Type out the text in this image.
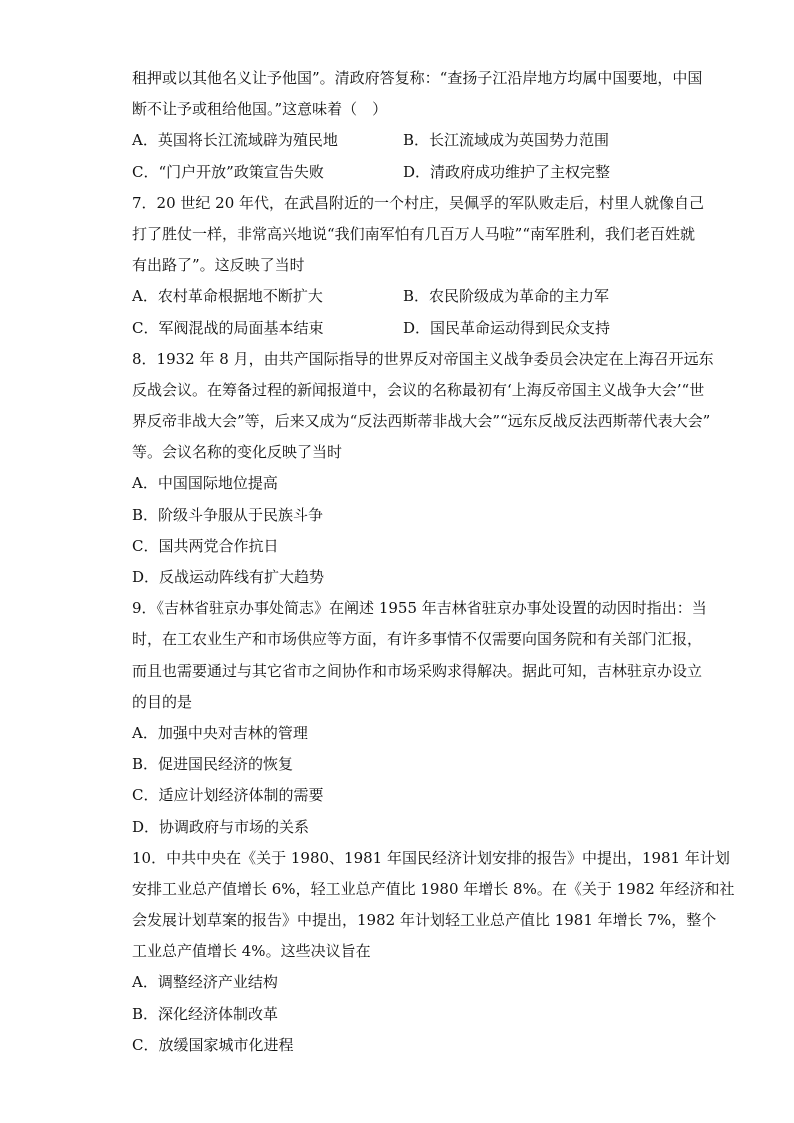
租押或以其他名义让予他国”。清政府答复称：“查扬子江沿岸地方均属中国要地，中国
断不让予或租给他国。”这意味着（　）
A．英国将长江流域辟为殖民地	B．长江流域成为英国势力范围
C．“门户开放”政策宣告失败	D．清政府成功维护了主权完整
7．20 世纪 20 年代，在武昌附近的一个村庄，吴佩孚的军队败走后，村里人就像自己
打了胜仗一样，非常高兴地说“我们南军怕有几百万人马啦”“南军胜利，我们老百姓就
有出路了”。这反映了当时
A．农村革命根据地不断扩大	B．农民阶级成为革命的主力军
C．军阀混战的局面基本结束	D．国民革命运动得到民众支持
8．1932 年 8 月，由共产国际指导的世界反对帝国主义战争委员会决定在上海召开远东
反战会议。在筹备过程的新闻报道中，会议的名称最初有‘上海反帝国主义战争大会’“世
界反帝非战大会”等，后来又成为“反法西斯蒂非战大会”“远东反战反法西斯蒂代表大会”
等。会议名称的变化反映了当时
A．中国国际地位提高
B．阶级斗争服从于民族斗争
C．国共两党合作抗日
D．反战运动阵线有扩大趋势
9．《吉林省驻京办事处简志》在阐述 1955 年吉林省驻京办事处设置的动因时指出：当
时，在工农业生产和市场供应等方面，有许多事情不仅需要向国务院和有关部门汇报，
而且也需要通过与其它省市之间协作和市场采购求得解决。据此可知，吉林驻京办设立
的目的是
A．加强中央对吉林的管理
B．促进国民经济的恢复
C．适应计划经济体制的需要
D．协调政府与市场的关系
10．中共中央在《关于 1980、1981 年国民经济计划安排的报告》中提出，1981 年计划
安排工业总产值增长 6%，轻工业总产值比 1980 年增长 8%。在《关于 1982 年经济和社
会发展计划草案的报告》中提出，1982 年计划轻工业总产值比 1981 年增长 7%，整个
工业总产值增长 4%。这些决议旨在
A．调整经济产业结构
B．深化经济体制改革
C．放缓国家城市化进程
